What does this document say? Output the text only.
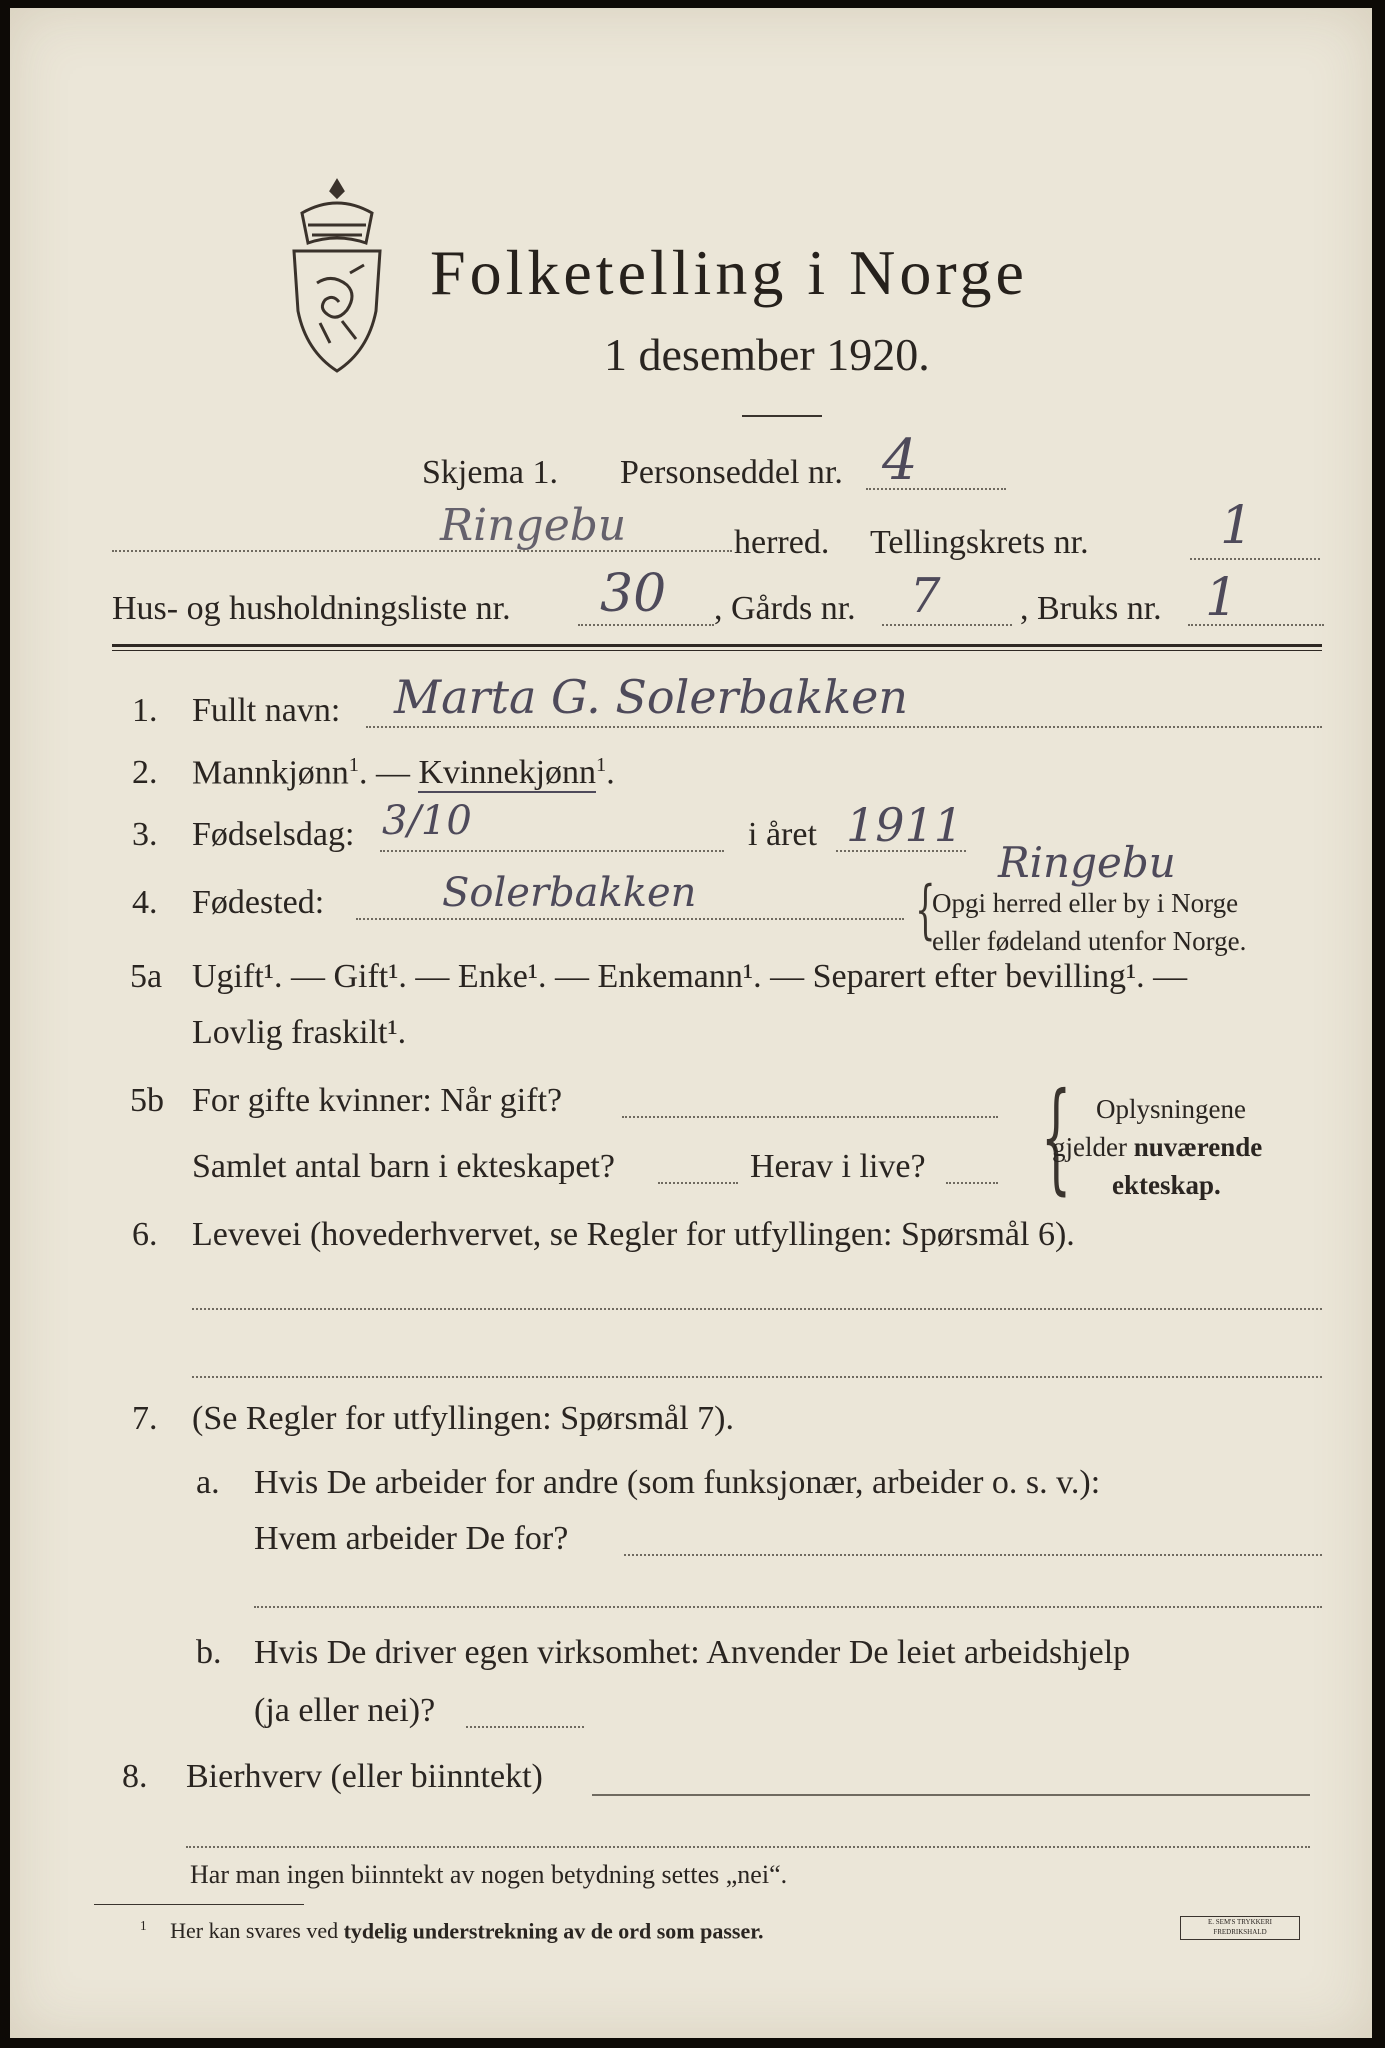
Folketelling i Norge
1 desember 1920.
Skjema 1. Personseddel nr. 4
Ringebu	herred. Tellingskrets nr.	1
Hus- og husholdningsliste nr. 30 , Gårds nr. 7 , Bruks nr. 1
1. Fullt navn: Marta G. Solerbakken
2. Mannkjønn$^1$. — Kvinnekjønn$^1$.
3. Fødselsdag: 3/10	i året 1911
4. Fødested:	Solerbakken
Ringebu
{
Opgi herred eller by i Norge
eller fødeland utenfor Norge.
5a Ugift¹. — Gift¹. — Enke¹. — Enkemann¹. — Separert efter bevilling¹. —
Lovlig fraskilt¹.
5b For gifte kvinner: Når gift?
Samlet antal barn i ekteskapet?	Herav i live? { Oplysningene
gjelder nuværende
ekteskap.
6. Levevei (hovederhvervet, se Regler for utfyllingen: Spørsmål 6).
7. (Se Regler for utfyllingen: Spørsmål 7).
a. Hvis De arbeider for andre (som funksjonær, arbeider o. s. v.):
Hvem arbeider De for?
b. Hvis De driver egen virksomhet: Anvender De leiet arbeidshjelp
(ja eller nei)?
8. Bierhverv (eller biinntekt)
Har man ingen biinntekt av nogen betydning settes „nei“.
$^1$ Her kan svares ved tydelig understrekning av de ord som passer.	E. SEM'S TRYKKERI FREDRIKSHALD
